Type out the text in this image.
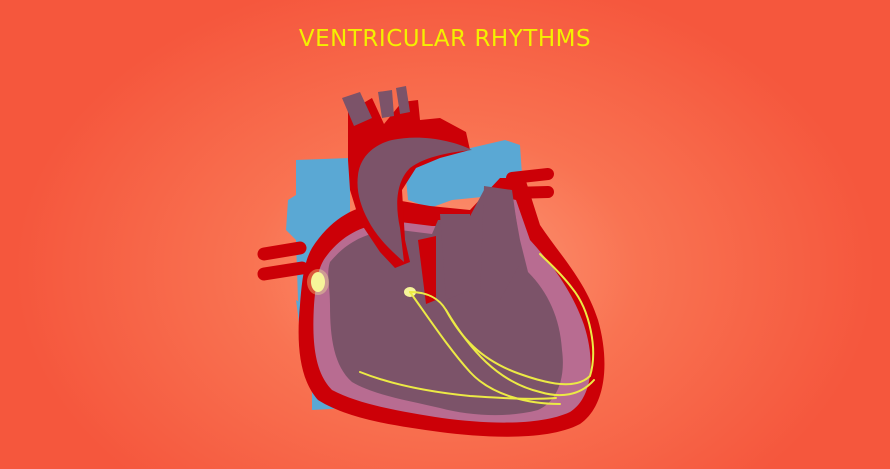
VENTRICULAR RHYTHMS
